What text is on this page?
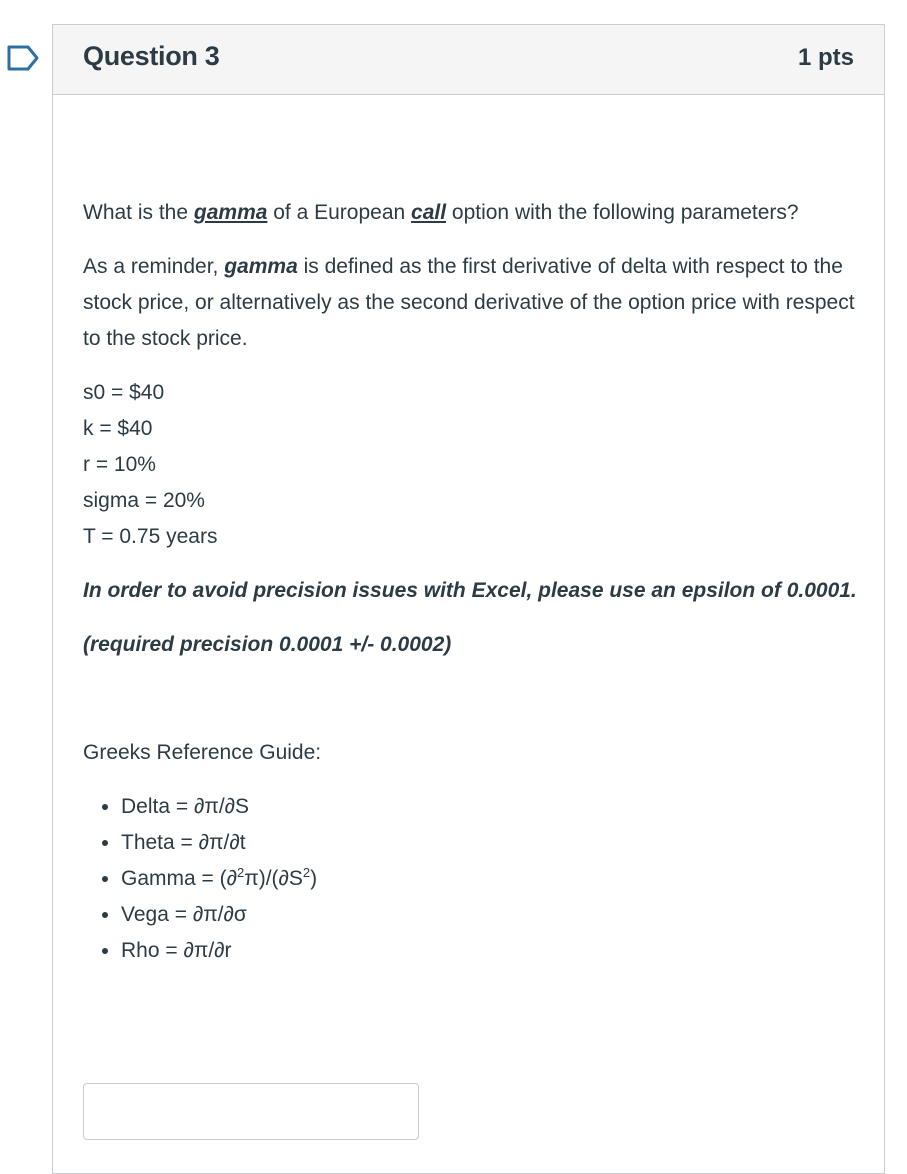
Question 3	1 pts

What is the gamma of a European call option with the following parameters?

As a reminder, gamma is defined as the first derivative of delta with respect to the stock price, or alternatively as the second derivative of the option price with respect to the stock price.

s0 = $40
k = $40
r = 10%
sigma = 20%
T = 0.75 years

In order to avoid precision issues with Excel, please use an epsilon of 0.0001.

(required precision 0.0001 +/- 0.0002)

Greeks Reference Guide:

• Delta = ∂π/∂S
• Theta = ∂π/∂t
• Gamma = $(\partial^2\pi)/(\partial S^2)$
• Vega = ∂π/∂σ
• Rho = ∂π/∂r
